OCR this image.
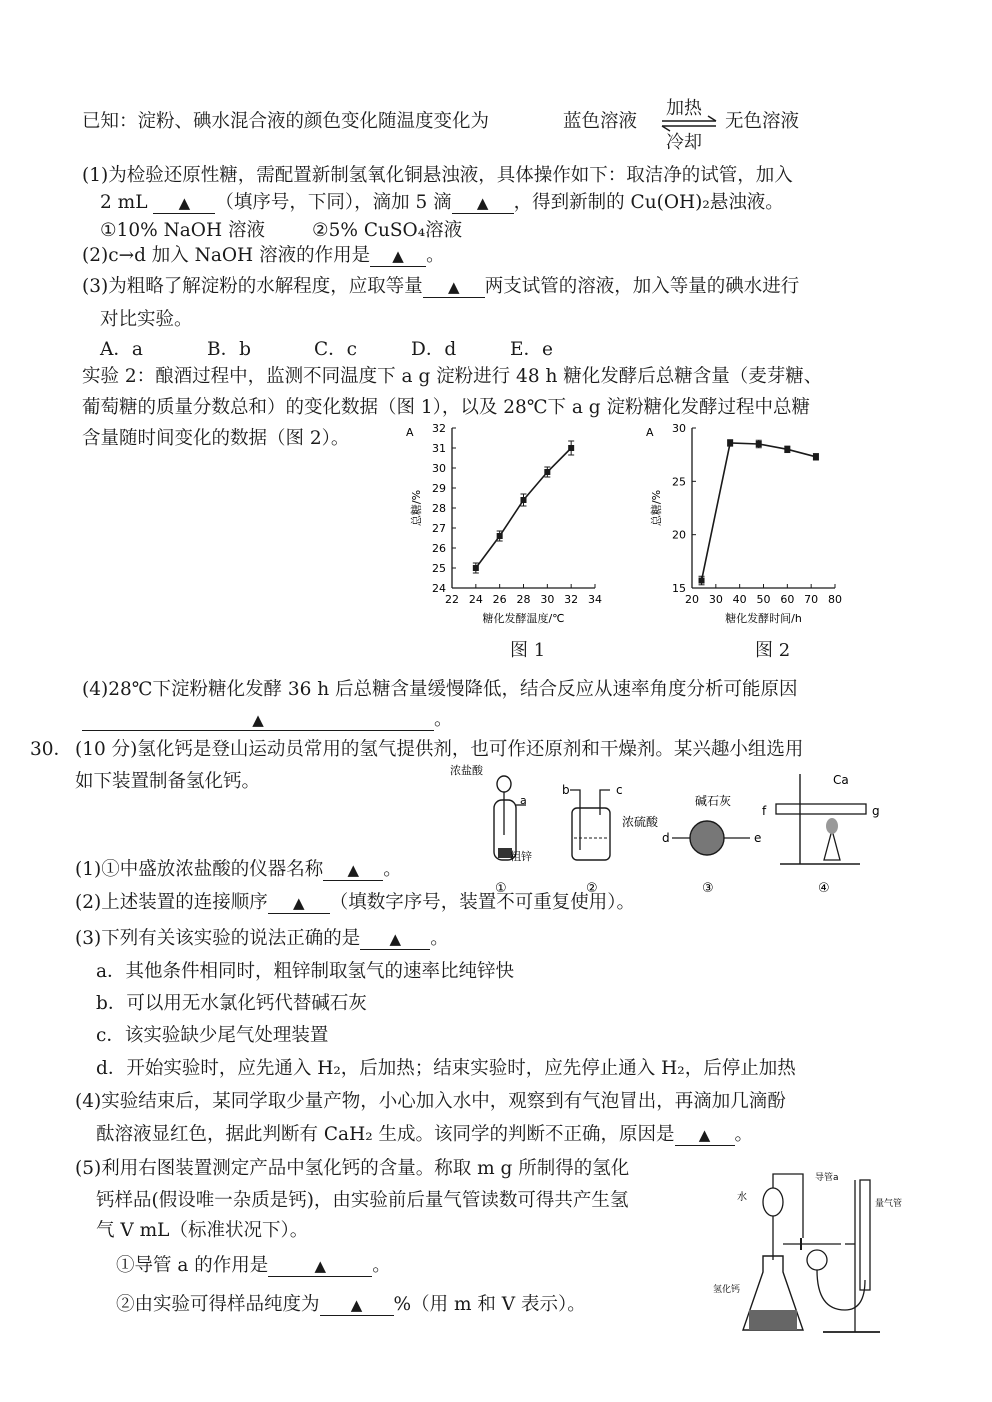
已知：淀粉、碘水混合液的颜色变化随温度变化为	蓝色溶液
加热
冷却
无色溶液
(1)为检验还原性糖，需配置新制氢氧化铜悬浊液，具体操作如下：取洁净的试管，加入
2 mL ▲ （填序号，下同），滴加 5 滴 ▲ ，得到新制的 Cu(OH)₂悬浊液。
①10% NaOH 溶液	②5% CuSO₄溶液
(2)c→d 加入 NaOH 溶液的作用是 ▲ 。
(3)为粗略了解淀粉的水解程度，应取等量 ▲ 两支试管的溶液，加入等量的碘水进行
对比实验。
A．a	B．b	C．c	D．d	E．e
实验 2：酿酒过程中，监测不同温度下 a g 淀粉进行 48 h 糖化发酵后总糖含量（麦芽糖、
葡萄糖的质量分数总和）的变化数据（图 1），以及 28℃下 a g 淀粉糖化发酵过程中总糖
含量随时间变化的数据（图 2）。	A
24
25
26
27
28
29
30
31
32
22 24 26 28 30 32 34
糖化发酵温度/℃
总糖/%
A
15
20
25
30
20 30 40 50 60 70 80
糖化发酵时间/h
总糖/%
图 1	图 2
(4)28℃下淀粉糖化发酵 36 h 后总糖含量缓慢降低，结合反应从速率角度分析可能原因
▲	。
30． (10 分)氢化钙是登山运动员常用的氢气提供剂，也可作还原剂和干燥剂。某兴趣小组选用
如下装置制备氢化钙。
浓盐酸
a
粗锌
①
b	c
浓硫酸
②
碱石灰
d	e
③
Ca
f	g
④
(1)①中盛放浓盐酸的仪器名称 ▲ 。
(2)上述装置的连接顺序 ▲ （填数字序号，装置不可重复使用）。
(3)下列有关该实验的说法正确的是 ▲ 。
a．其他条件相同时，粗锌制取氢气的速率比纯锌快
b．可以用无水氯化钙代替碱石灰
c．该实验缺少尾气处理装置
d．开始实验时，应先通入 H₂，后加热；结束实验时，应先停止通入 H₂，后停止加热
(4)实验结束后，某同学取少量产物，小心加入水中，观察到有气泡冒出，再滴加几滴酚
酞溶液显红色，据此判断有 CaH₂ 生成。该同学的判断不正确，原因是 ▲ 。
(5)利用右图装置测定产品中氢化钙的含量。称取 m g 所制得的氢化
钙样品(假设唯一杂质是钙)，由实验前后量气管读数可得共产生氢
气 V mL（标准状况下）。
①导管 a 的作用是	▲ 。
②由实验可得样品纯度为 ▲ %（用 m 和 V 表示）。
水
导管a
量气管
氢化钙
